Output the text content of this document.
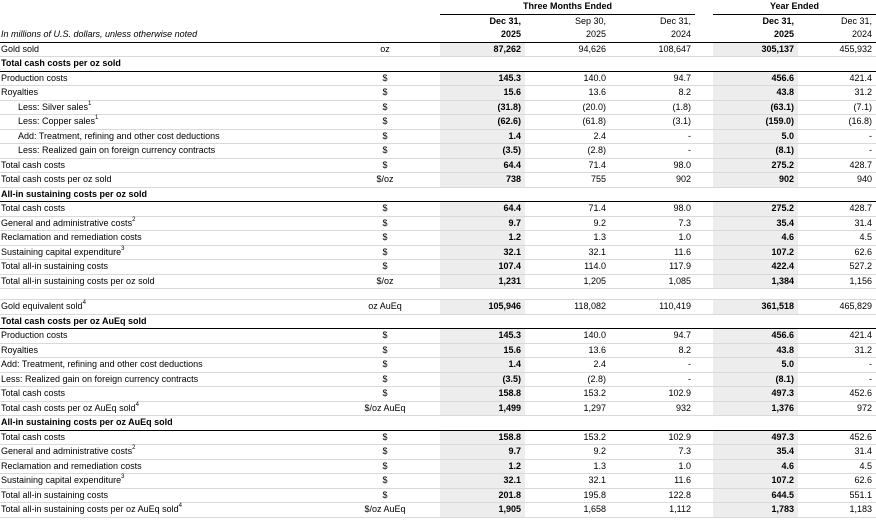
		Three Months Ended				Year Ended	
		Dec 31,	Sep 30,	Dec 31,		Dec 31,	Dec 31,
In millions of U.S. dollars, unless otherwise noted		2025	2025	2024		2025	2024
Gold sold	oz	87,262	94,626	108,647		305,137	455,932
Total cash costs per oz sold							
Production costs	$	145.3	140.0	94.7		456.6	421.4
Royalties	$	15.6	13.6	8.2		43.8	31.2
Less: Silver sales$^1$	$	(31.8)	(20.0)	(1.8)		(63.1)	(7.1)
Less: Copper sales$^1$	$	(62.6)	(61.8)	(3.1)		(159.0)	(16.8)
Add: Treatment, refining and other cost deductions	$	1.4	2.4	-		5.0	-
Less: Realized gain on foreign currency contracts	$	(3.5)	(2.8)	-		(8.1)	-
Total cash costs	$	64.4	71.4	98.0		275.2	428.7
Total cash costs per oz sold	$/oz	738	755	902		902	940
All-in sustaining costs per oz sold							
Total cash costs	$	64.4	71.4	98.0		275.2	428.7
General and administrative costs$^2$	$	9.7	9.2	7.3		35.4	31.4
Reclamation and remediation costs	$	1.2	1.3	1.0		4.6	4.5
Sustaining capital expenditure$^3$	$	32.1	32.1	11.6		107.2	62.6
Total all-in sustaining costs	$	107.4	114.0	117.9		422.4	527.2
Total all-in sustaining costs per oz sold	$/oz	1,231	1,205	1,085		1,384	1,156

Gold equivalent sold$^4$	oz AuEq	105,946	118,082	110,419		361,518	465,829
Total cash costs per oz AuEq sold							
Production costs	$	145.3	140.0	94.7		456.6	421.4
Royalties	$	15.6	13.6	8.2		43.8	31.2
Add: Treatment, refining and other cost deductions	$	1.4	2.4	-		5.0	-
Less: Realized gain on foreign currency contracts	$	(3.5)	(2.8)	-		(8.1)	-
Total cash costs	$	158.8	153.2	102.9		497.3	452.6
Total cash costs per oz AuEq sold$^4$	$/oz AuEq	1,499	1,297	932		1,376	972
All-in sustaining costs per oz AuEq sold							
Total cash costs	$	158.8	153.2	102.9		497.3	452.6
General and administrative costs$^2$	$	9.7	9.2	7.3		35.4	31.4
Reclamation and remediation costs	$	1.2	1.3	1.0		4.6	4.5
Sustaining capital expenditure$^3$	$	32.1	32.1	11.6		107.2	62.6
Total all-in sustaining costs	$	201.8	195.8	122.8		644.5	551.1
Total all-in sustaining costs per oz AuEq sold$^4$	$/oz AuEq	1,905	1,658	1,112		1,783	1,183
